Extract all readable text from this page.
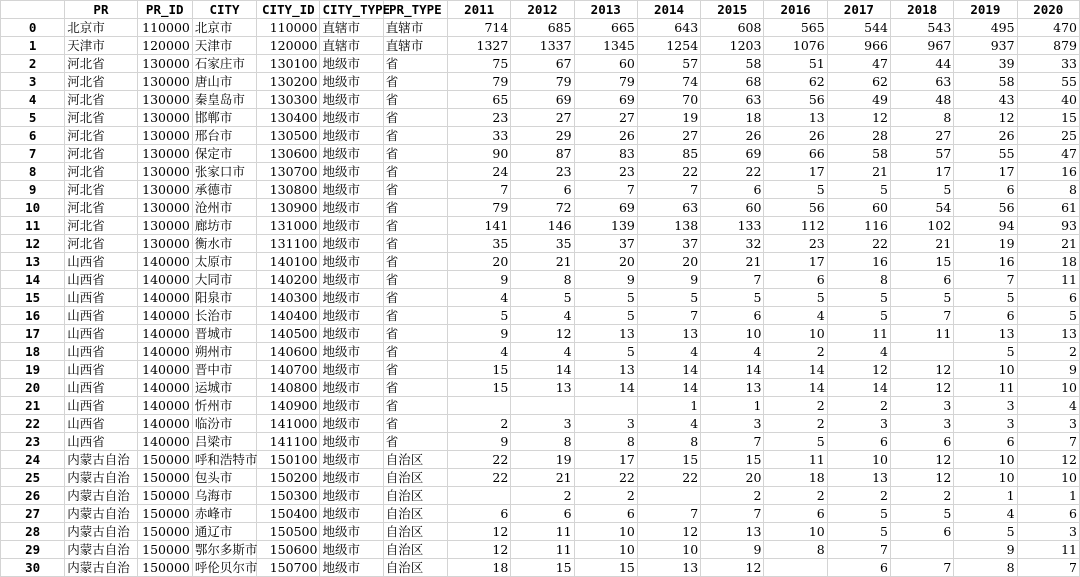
	PR	PR_ID	CITY	CITY_ID	CITY_TYPE	PR_TYPE	2011	2012	2013	2014	2015	2016	2017	2018	2019	2020
0	北京市	110000	北京市	110000	直辖市	直辖市	714	685	665	643	608	565	544	543	495	470
1	天津市	120000	天津市	120000	直辖市	直辖市	1327	1337	1345	1254	1203	1076	966	967	937	879
2	河北省	130000	石家庄市	130100	地级市	省	75	67	60	57	58	51	47	44	39	33
3	河北省	130000	唐山市	130200	地级市	省	79	79	79	74	68	62	62	63	58	55
4	河北省	130000	秦皇岛市	130300	地级市	省	65	69	69	70	63	56	49	48	43	40
5	河北省	130000	邯郸市	130400	地级市	省	23	27	27	19	18	13	12	8	12	15
6	河北省	130000	邢台市	130500	地级市	省	33	29	26	27	26	26	28	27	26	25
7	河北省	130000	保定市	130600	地级市	省	90	87	83	85	69	66	58	57	55	47
8	河北省	130000	张家口市	130700	地级市	省	24	23	23	22	22	17	21	17	17	16
9	河北省	130000	承德市	130800	地级市	省	7	6	7	7	6	5	5	5	6	8
10	河北省	130000	沧州市	130900	地级市	省	79	72	69	63	60	56	60	54	56	61
11	河北省	130000	廊坊市	131000	地级市	省	141	146	139	138	133	112	116	102	94	93
12	河北省	130000	衡水市	131100	地级市	省	35	35	37	37	32	23	22	21	19	21
13	山西省	140000	太原市	140100	地级市	省	20	21	20	20	21	17	16	15	16	18
14	山西省	140000	大同市	140200	地级市	省	9	8	9	9	7	6	8	6	7	11
15	山西省	140000	阳泉市	140300	地级市	省	4	5	5	5	5	5	5	5	5	6
16	山西省	140000	长治市	140400	地级市	省	5	4	5	7	6	4	5	7	6	5
17	山西省	140000	晋城市	140500	地级市	省	9	12	13	13	10	10	11	11	13	13
18	山西省	140000	朔州市	140600	地级市	省	4	4	5	4	4	2	4		5	2
19	山西省	140000	晋中市	140700	地级市	省	15	14	13	14	14	14	12	12	10	9
20	山西省	140000	运城市	140800	地级市	省	15	13	14	14	13	14	14	12	11	10
21	山西省	140000	忻州市	140900	地级市	省				1	1	2	2	3	3	4
22	山西省	140000	临汾市	141000	地级市	省	2	3	3	4	3	2	3	3	3	3
23	山西省	140000	吕梁市	141100	地级市	省	9	8	8	8	7	5	6	6	6	7
24	内蒙古自治	150000	呼和浩特市	150100	地级市	自治区	22	19	17	15	15	11	10	12	10	12
25	内蒙古自治	150000	包头市	150200	地级市	自治区	22	21	22	22	20	18	13	12	10	10
26	内蒙古自治	150000	乌海市	150300	地级市	自治区		2	2		2	2	2	2	1	1
27	内蒙古自治	150000	赤峰市	150400	地级市	自治区	6	6	6	7	7	6	5	5	4	6
28	内蒙古自治	150000	通辽市	150500	地级市	自治区	12	11	10	12	13	10	5	6	5	3
29	内蒙古自治	150000	鄂尔多斯市	150600	地级市	自治区	12	11	10	10	9	8	7		9	11
30	内蒙古自治	150000	呼伦贝尔市	150700	地级市	自治区	18	15	15	13	12		6	7	8	7
